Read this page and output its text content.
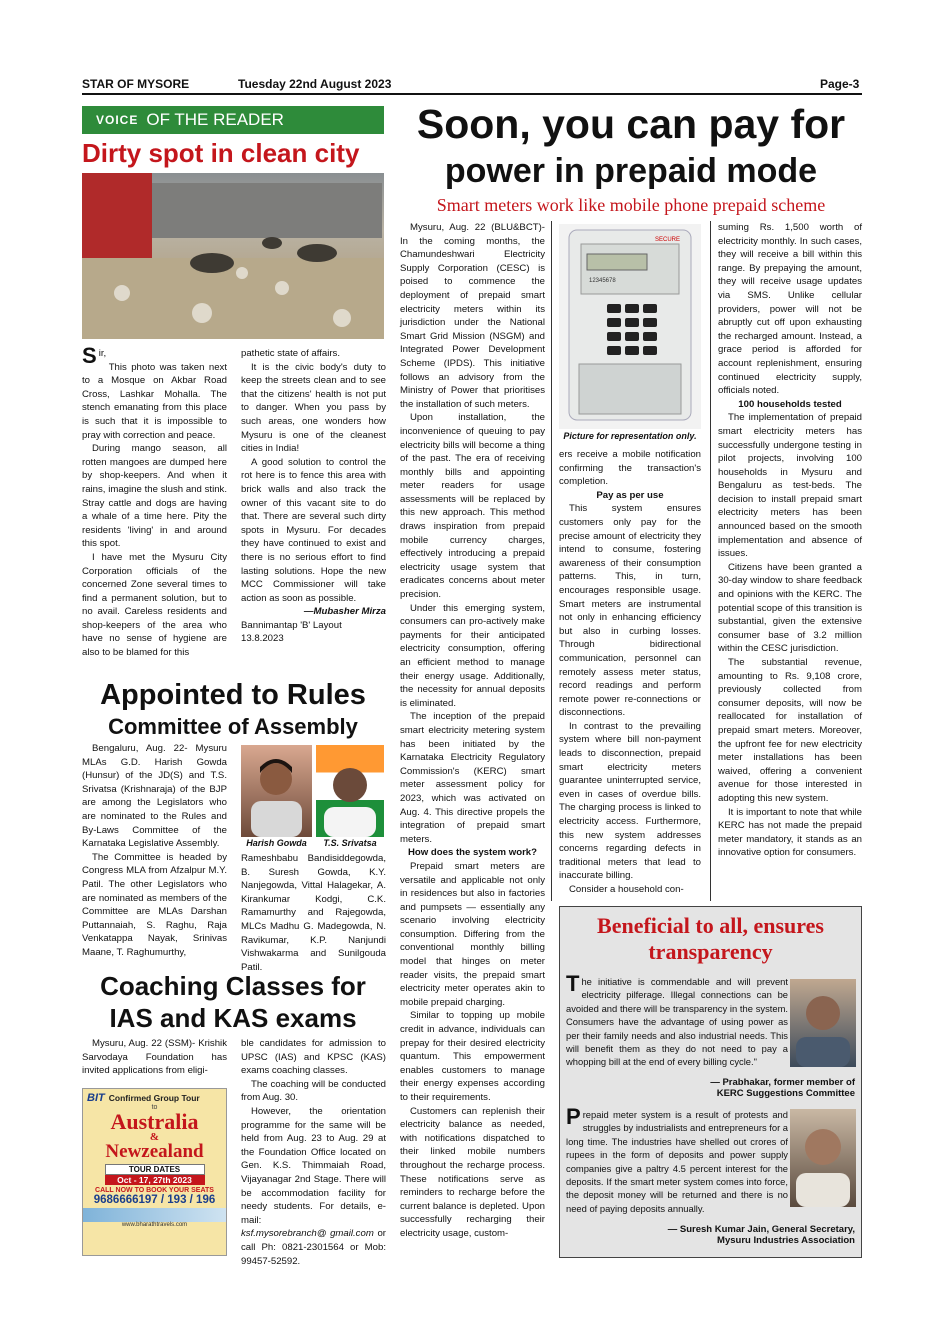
STAR OF MYSORE	Tuesday 22nd August 2023	Page-3
VOICE OF THE READER
Dirty spot in clean city

Sir,

This photo was taken next to a Mosque on Akbar Road Cross, Lashkar Mohalla. The stench emanating from this place is such that it is impossible to pray with correction and peace.

During mango season, all rotten mangoes are dumped here by shop-keepers. And when it rains, imagine the slush and stink. Stray cattle and dogs are having a whale of a time here. Pity the residents 'living' in and around this spot.

I have met the Mysuru City Corporation officials of the concerned Zone several times to find a permanent solution, but to no avail. Careless residents and shop-keepers of the area who have no sense of hygiene are also to be blamed for this

pathetic state of affairs.

It is the civic body's duty to keep the streets clean and to see that the citizens' health is not put to danger. When you pass by such areas, one wonders how Mysuru is one of the cleanest cities in India!

A good solution to control the rot here is to fence this area with brick walls and also track the owner of this vacant site to do that. There are several such dirty spots in Mysuru. For decades they have continued to exist and there is no serious effort to find lasting solutions. Hope the new MCC Commissioner will take action as soon as possible.

—Mubasher Mirza

Bannimantap 'B' Layout

13.8.2023

Soon, you can pay for
power in prepaid mode
Smart meters work like mobile phone prepaid scheme
SECURE
12345678
Picture for representation only.

Mysuru, Aug. 22 (BLU&BCT)- In the coming months, the Chamundeshwari Electricity Supply Corporation (CESC) is poised to commence the deployment of prepaid smart electricity meters within its jurisdiction under the National Smart Grid Mission (NSGM) and Integrated Power Development Scheme (IPDS). This initiative follows an advisory from the Ministry of Power that prioritises the installation of such meters.

Upon installation, the inconvenience of queuing to pay electricity bills will become a thing of the past. The era of receiving monthly bills and appointing meter readers for usage assessments will be replaced by this new approach. This method draws inspiration from prepaid mobile currency charges, effectively introducing a prepaid electricity usage system that eradicates concerns about meter precision.

Under this emerging system, consumers can pro-actively make payments for their anticipated electricity consumption, offering an efficient method to manage their energy usage. Additionally, the necessity for annual deposits is eliminated.

The inception of the prepaid smart electricity metering system has been initiated by the Karnataka Electricity Regulatory Commission's (KERC) smart meter assessment policy for 2023, which was activated on Aug. 4. This directive propels the integration of prepaid smart meters.

How does the system work?

Prepaid smart meters are versatile and applicable not only in residences but also in factories and pumpsets — essentially any scenario involving electricity consumption. Differing from the conventional monthly billing model that hinges on meter reader visits, the prepaid smart electricity meter operates akin to mobile prepaid charging.

Similar to topping up mobile credit in advance, individuals can prepay for their desired electricity quantum. This empowerment enables customers to manage their energy expenses according to their requirements.

Customers can replenish their electricity balance as needed, with notifications dispatched to their linked mobile numbers throughout the recharge process. These notifications serve as reminders to recharge before the current balance is depleted. Upon successfully recharging their electricity usage, custom-

ers receive a mobile notification confirming the transaction's completion.

Pay as per use

This system ensures customers only pay for the precise amount of electricity they intend to consume, fostering awareness of their consumption patterns. This, in turn, encourages responsible usage. Smart meters are instrumental not only in enhancing efficiency but also in curbing losses. Through bidirectional communication, personnel can remotely assess meter status, record readings and perform remote power re-connections or disconnections.

In contrast to the prevailing system where bill non-payment leads to disconnection, prepaid smart electricity meters guarantee uninterrupted service, even in cases of overdue bills. The charging process is linked to electricity access. Furthermore, this new system addresses concerns regarding defects in traditional meters that lead to inaccurate billing.

Consider a household con-

suming Rs. 1,500 worth of electricity monthly. In such cases, they will receive a bill within this range. By prepaying the amount, they will receive usage updates via SMS. Unlike cellular providers, power will not be abruptly cut off upon exhausting the recharged amount. Instead, a grace period is afforded for account replenishment, ensuring continued electricity supply, officials noted.

100 households tested

The implementation of prepaid smart electricity meters has successfully undergone testing in pilot projects, involving 100 households in Mysuru and Bengaluru as test-beds. The decision to install prepaid smart electricity meters has been announced based on the smooth implementation and absence of issues.

Citizens have been granted a 30-day window to share feedback and opinions with the KERC. The potential scope of this transition is substantial, given the extensive consumer base of 3.2 million within the CESC jurisdiction.

The substantial revenue, amounting to Rs. 9,108 crore, previously collected from consumer deposits, will now be reallocated for installation of prepaid smart meters. Moreover, the upfront fee for new electricity meter installations has been waived, offering a convenient avenue for those interested in adopting this new system.

It is important to note that while KERC has not made the prepaid meter mandatory, it stands as an innovative option for consumers.

Appointed to Rules
Committee of Assembly

Bengaluru, Aug. 22- Mysuru MLAs G.D. Harish Gowda (Hunsur) of the JD(S) and T.S. Srivatsa (Krishnaraja) of the BJP are among the Legislators who are nominated to the Rules and By-Laws Committee of the Karnataka Legislative Assembly.

The Committee is headed by Congress MLA from Afzalpur M.Y. Patil. The other Legislators who are nominated as members of the Committee are MLAs Darshan Puttannaiah, S. Raghu, Raja Venkatappa Nayak, Srinivas Maane, T. Raghumurthy,

Harish Gowda	T.S. Srivatsa

Rameshbabu Bandisiddegowda, B. Suresh Gowda, K.Y. Nanjegowda, Vittal Halagekar, A. Kirankumar Kodgi, C.K. Ramamurthy and Rajegowda, MLCs Madhu G. Madegowda, N. Ravikumar, K.P. Nanjundi Vishwakarma and Sunilgouda Patil.

Coaching Classes for
IAS and KAS exams

Mysuru, Aug. 22 (SSM)- Krishik Sarvodaya Foundation has invited applications from eligi-

ble candidates for admission to UPSC (IAS) and KPSC (KAS) exams coaching classes.

The coaching will be conducted from Aug. 30.

However, the orientation programme for the same will be held from Aug. 23 to Aug. 29 at the Foundation Office located on Gen. K.S. Thimmaiah Road, Vijayanagar 2nd Stage. There will be accommodation facility for needy students. For details, e-mail:

ksf.mysorebranch@ gmail.com or call Ph: 0821-2301564 or Mob: 99457-52592.

BIT Confirmed Group Tour
to
Australia
&
Newzealand
TOUR DATES
Oct - 17, 27th 2023
CALL NOW TO BOOK YOUR SEATS
9686666197 / 193 / 196
www.bharathtravels.com
Beneficial to all, ensures
transparency

The initiative is commendable and will prevent electricity pilferage. Illegal connections can be avoided and there will be transparency in the system. Consumers have the advantage of using power as per their family needs and also industrial needs. This will benefit them as they do not need to pay a whopping bill at the end of every billing cycle."

— Prabhakar, former member of
KERC Suggestions Committee

Prepaid meter system is a result of protests and struggles by industrialists and entrepreneurs for a long time. The industries have shelled out crores of rupees in the form of deposits and power supply companies give a paltry 4.5 percent interest for the deposits. If the smart meter system comes into force, the deposit money will be returned and there is no need of paying deposits annually.

— Suresh Kumar Jain, General Secretary,
Mysuru Industries Association
